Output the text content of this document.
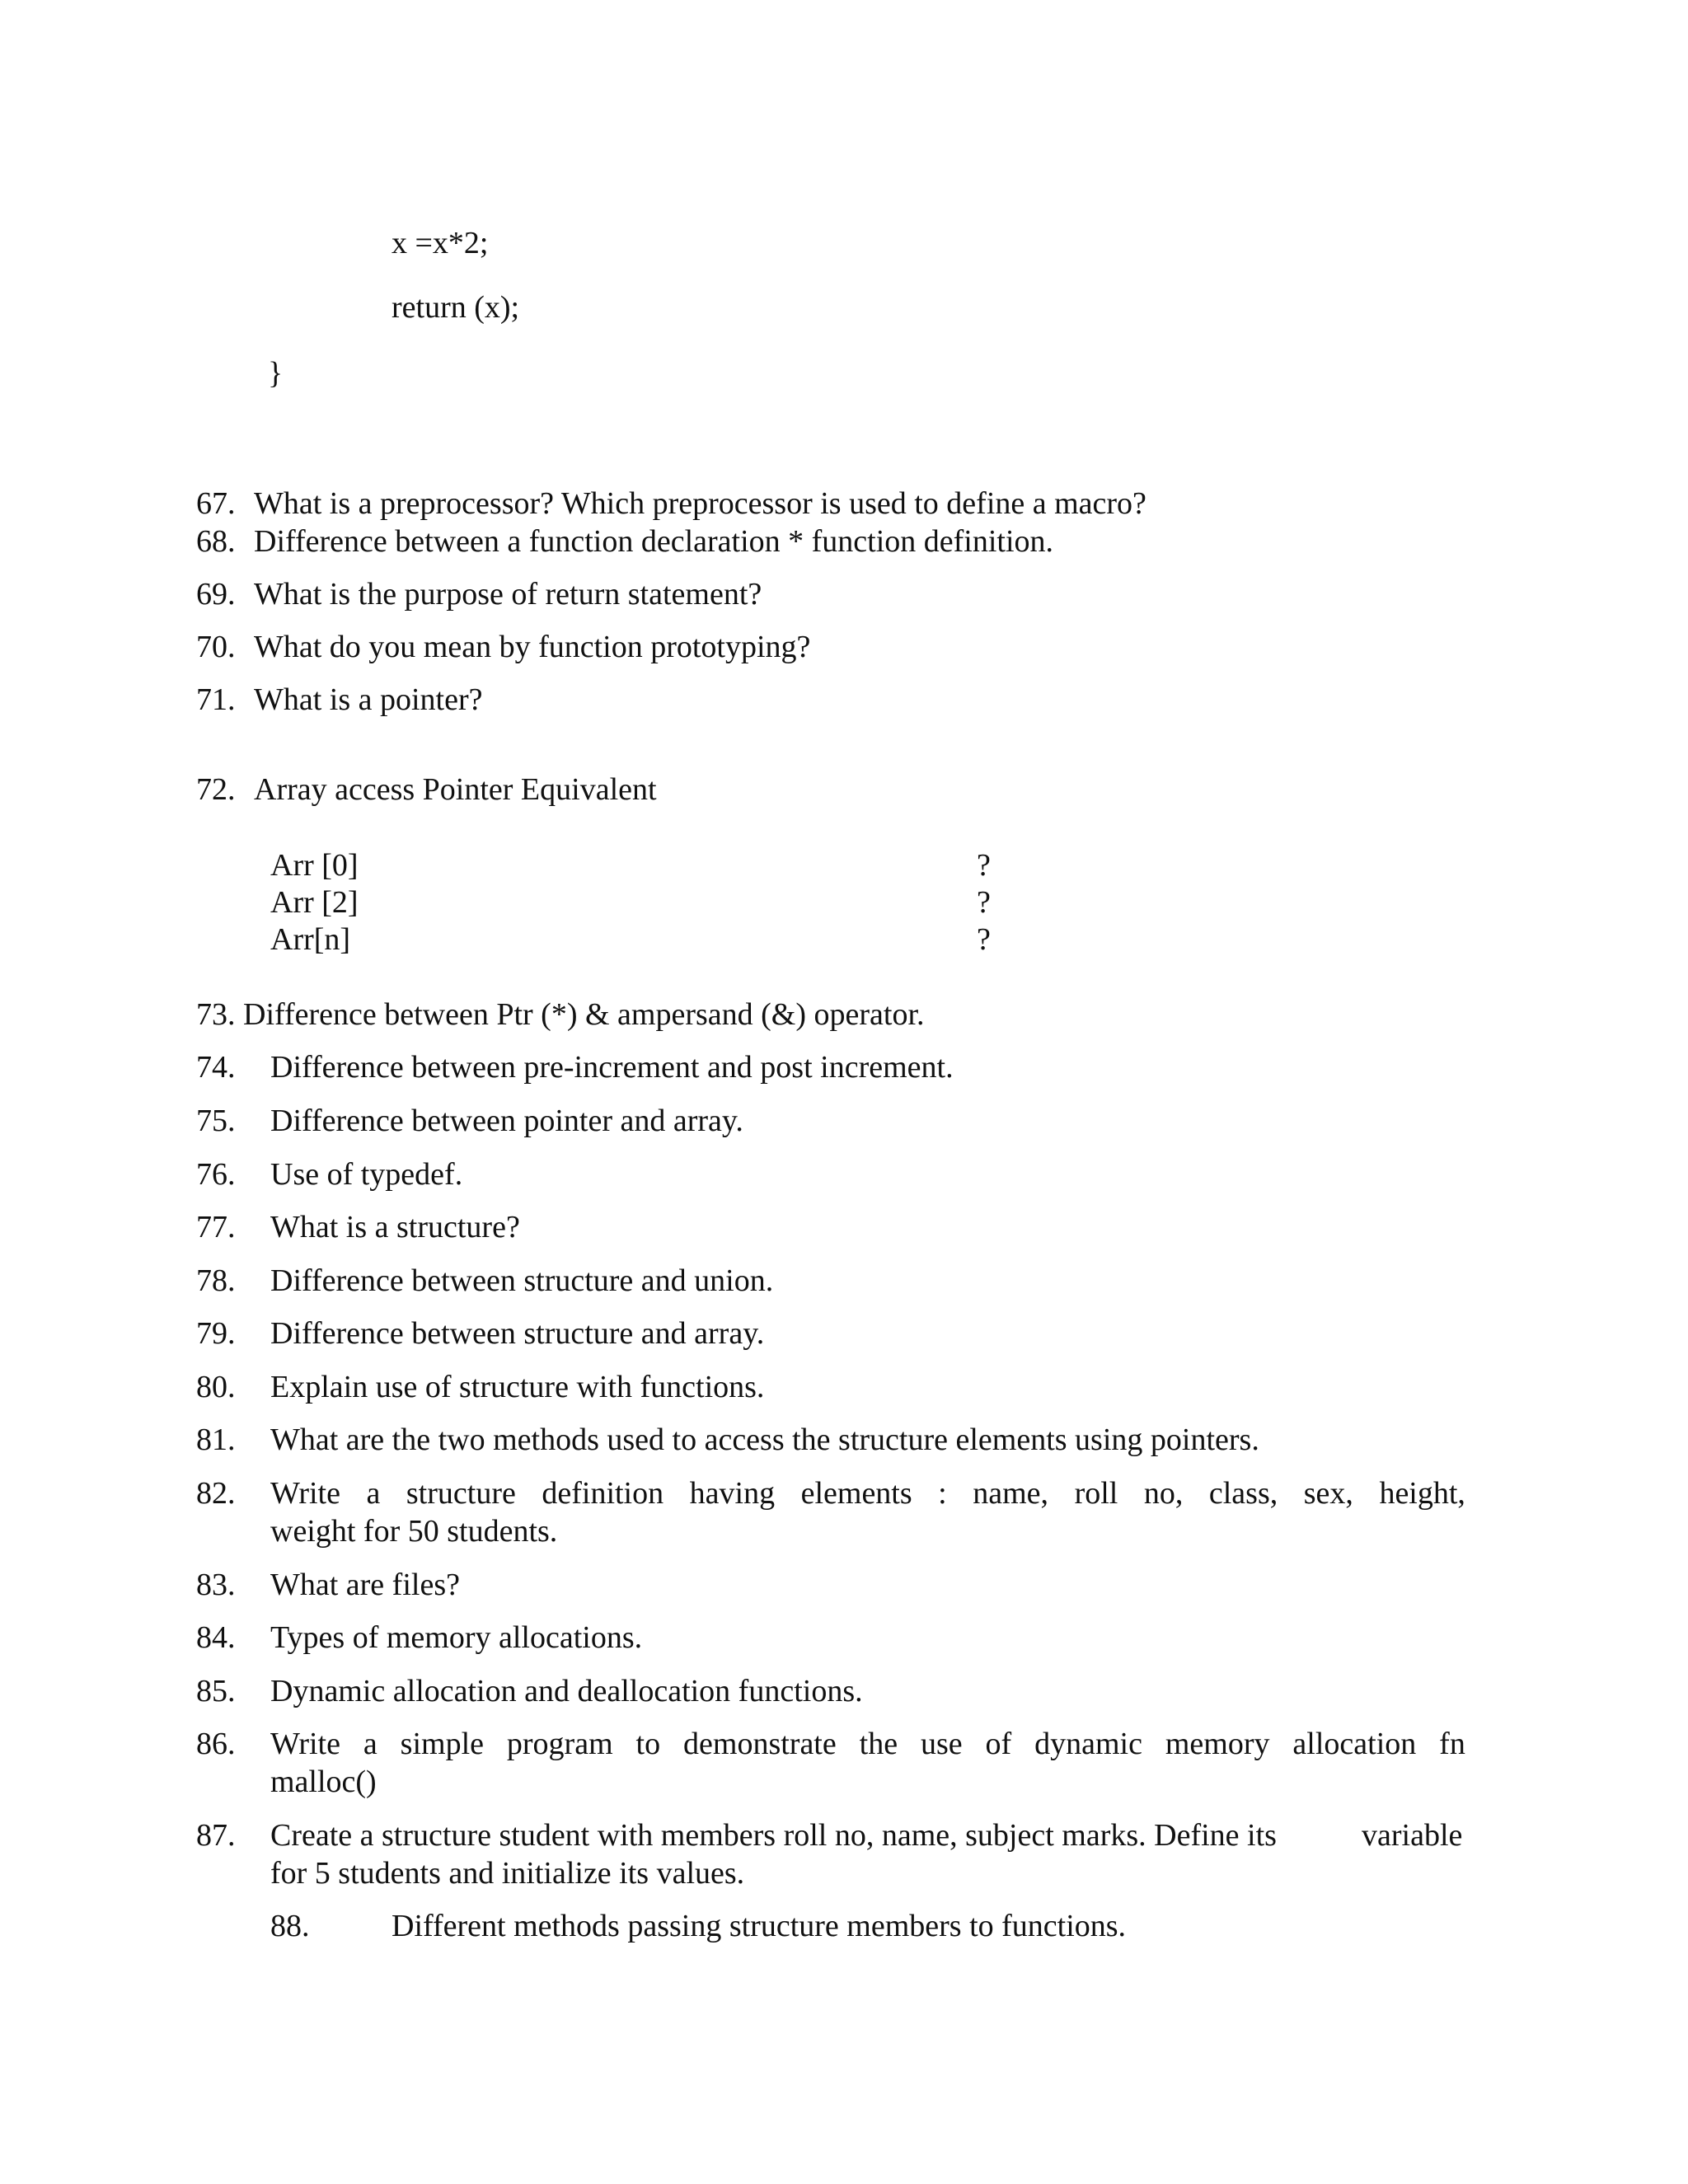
x =x*2;
return (x);
}
67. What is a preprocessor? Which preprocessor is used to define a macro?
68. Difference between a function declaration * function definition.
69. What is the purpose of return statement?
70. What do you mean by function prototyping?
71. What is a pointer?
72. Array access Pointer Equivalent
Arr [0]	?
Arr [2]	?
Arr[n]	?
73. Difference between Ptr (*) & ampersand (&) operator.
74. Difference between pre-increment and post increment.
75. Difference between pointer and array.
76. Use of typedef.
77. What is a structure?
78. Difference between structure and union.
79. Difference between structure and array.
80. Explain use of structure with functions.
81. What are the two methods used to access the structure elements using pointers.
82. Write a structure definition having elements : name, roll no, class, sex, height,
weight for 50 students.
83. What are files?
84. Types of memory allocations.
85. Dynamic allocation and deallocation functions.
86. Write a simple program to demonstrate the use of dynamic memory allocation fn
malloc()
87. Create a structure student with members roll no, name, subject marks. Define its	variable
for 5 students and initialize its values.
88.	Different methods passing structure members to functions.
